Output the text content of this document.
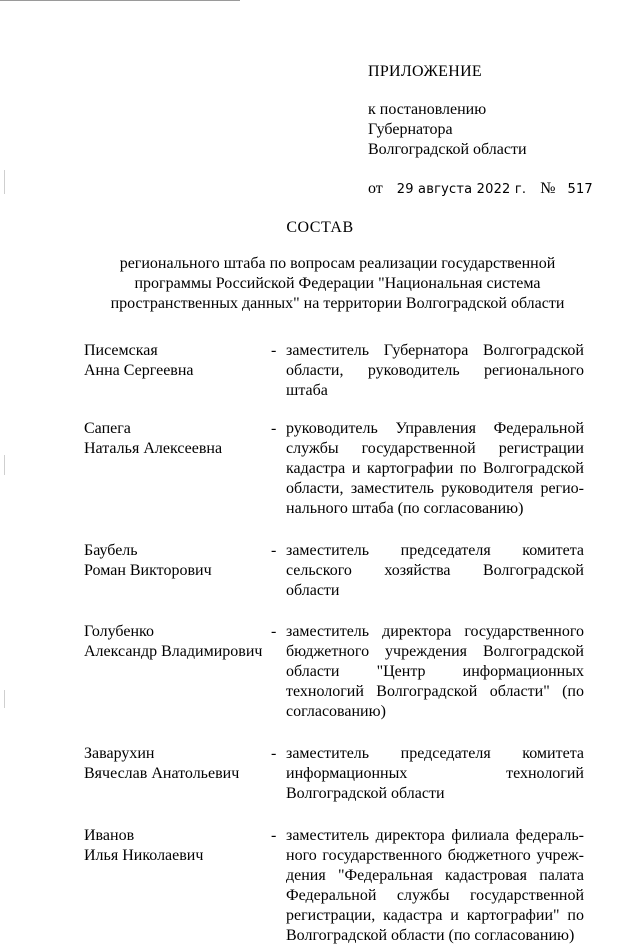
ПРИЛОЖЕНИЕ
к постановлению
Губернатора
Волгоградской области
от 29 августа 2022 г. № 517
СОСТАВ
регионального штаба по вопросам реализации государственной программы Российской Федерации "Национальная система пространственных данных" на территории Волгоградской области
Писемская
Анна Сергеевна
- заместитель Губернатора Волгоградской области, руководитель регионального штаба
Сапега
Наталья Алексеевна
- руководитель Управления Федеральной службы государственной регистрации кадастра и картографии по Волгоградской области, заместитель руководителя регионального штаба (по согласованию)
Баубель
Роман Викторович
- заместитель председателя комитета сельского хозяйства Волгоградской области
Голубенко
Александр Владимирович
- заместитель директора государственного бюджетного учреждения Волгоградской области "Центр информационных технологий Волгоградской области" (по согласованию)
Заварухин
Вячеслав Анатольевич
- заместитель председателя комитета информационных технологий Волгоградской области
Иванов
Илья Николаевич
- заместитель директора филиала федерального государственного бюджетного учреждения "Федеральная кадастровая палата Федеральной службы государственной регистрации, кадастра и картографии" по Волгоградской области (по согласованию)
